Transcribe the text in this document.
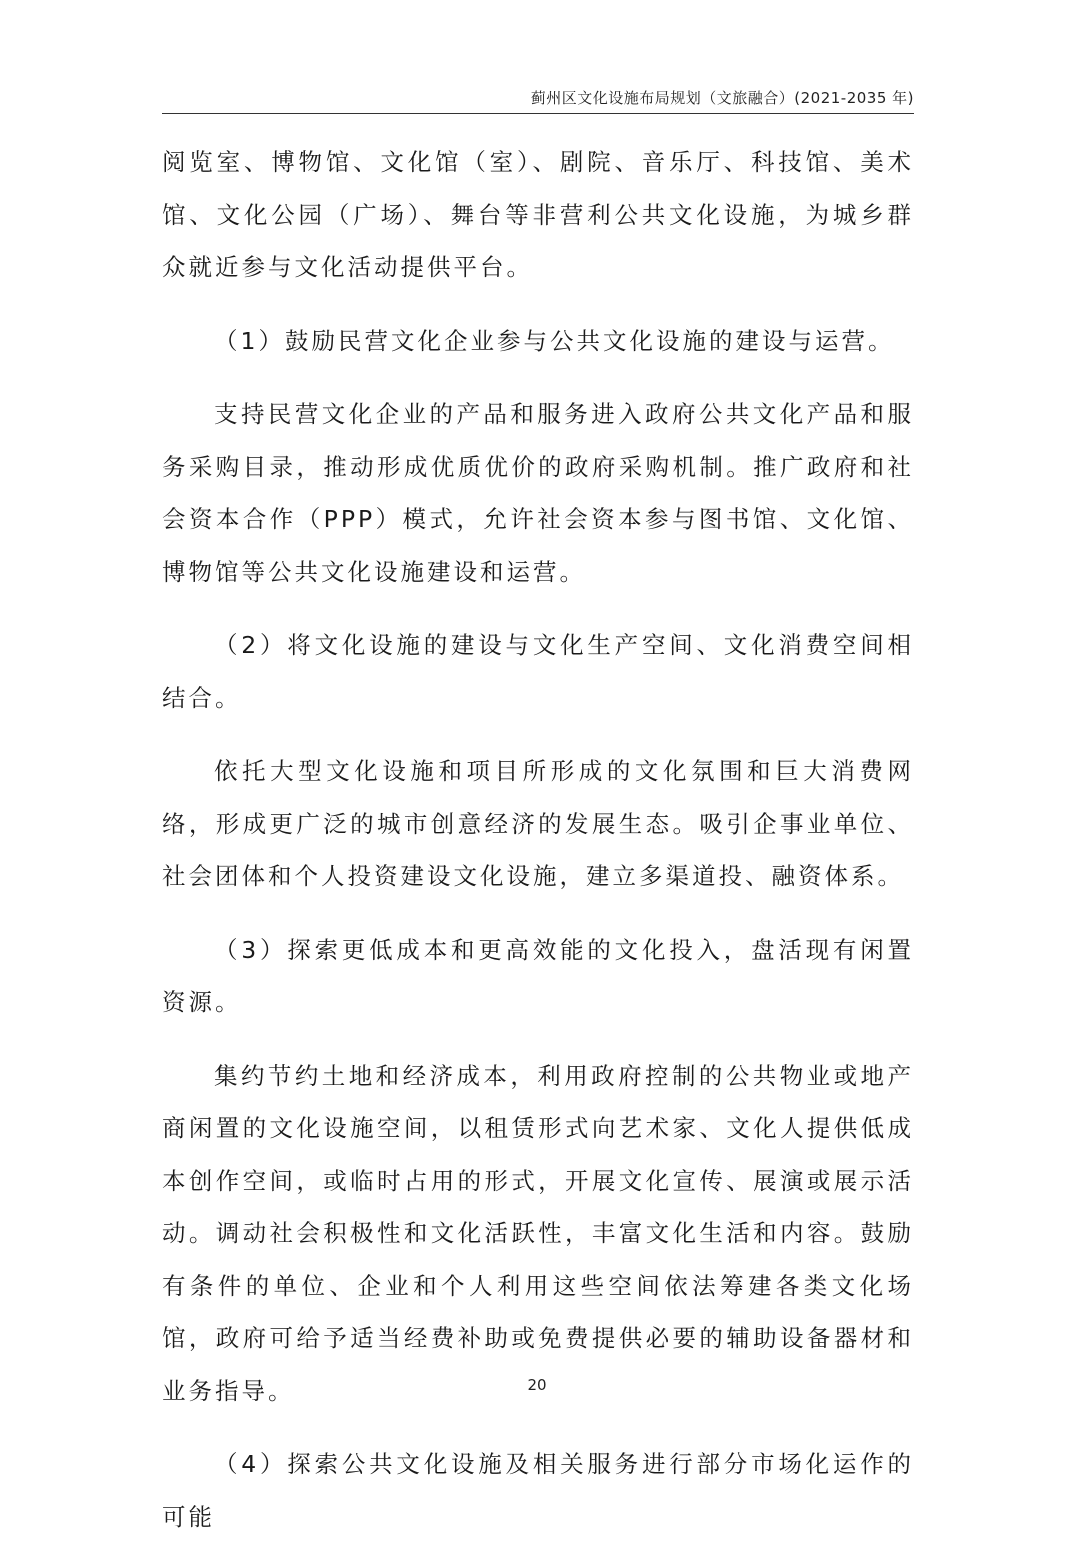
蓟州区文化设施布局规划（文旅融合）(2021-2035 年)

阅览室、博物馆、文化馆（室）、剧院、音乐厅、科技馆、美术馆、文化公园（广场）、舞台等非营利公共文化设施，为城乡群众就近参与文化活动提供平台。

（1）鼓励民营文化企业参与公共文化设施的建设与运营。

支持民营文化企业的产品和服务进入政府公共文化产品和服务采购目录，推动形成优质优价的政府采购机制。推广政府和社会资本合作（PPP）模式，允许社会资本参与图书馆、文化馆、博物馆等公共文化设施建设和运营。

（2）将文化设施的建设与文化生产空间、文化消费空间相结合。

依托大型文化设施和项目所形成的文化氛围和巨大消费网络，形成更广泛的城市创意经济的发展生态。吸引企事业单位、社会团体和个人投资建设文化设施，建立多渠道投、融资体系。

（3）探索更低成本和更高效能的文化投入，盘活现有闲置资源。

集约节约土地和经济成本，利用政府控制的公共物业或地产商闲置的文化设施空间，以租赁形式向艺术家、文化人提供低成本创作空间，或临时占用的形式，开展文化宣传、展演或展示活动。调动社会积极性和文化活跃性，丰富文化生活和内容。鼓励有条件的单位、企业和个人利用这些空间依法筹建各类文化场馆，政府可给予适当经费补助或免费提供必要的辅助设备器材和业务指导。

（4）探索公共文化设施及相关服务进行部分市场化运作的可能

20
